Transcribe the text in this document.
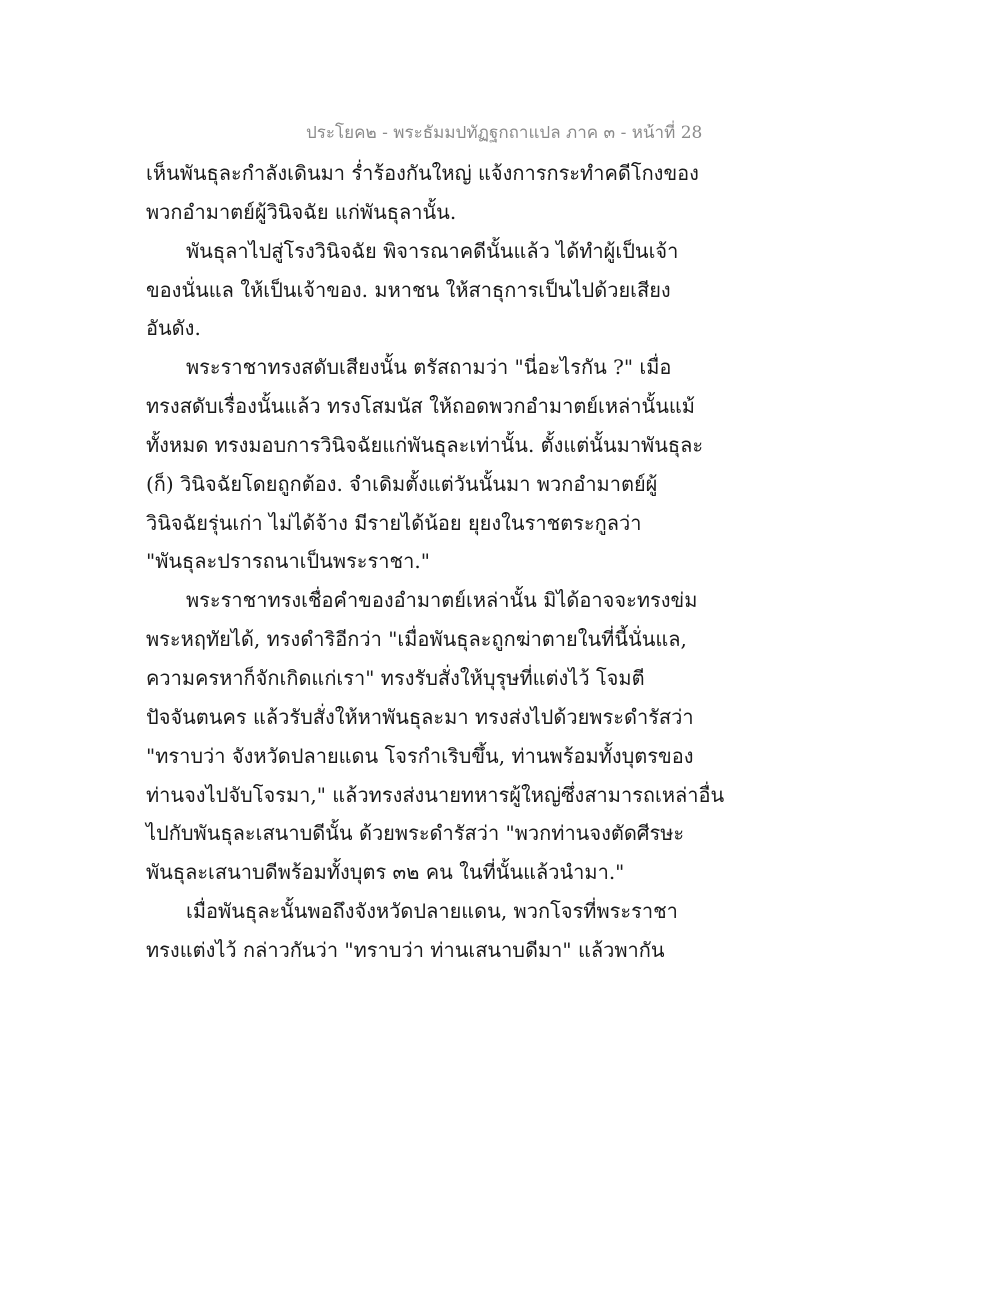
ประโยค๒ - พระธัมมปทัฏฐกถาแปล ภาค ๓ - หน้าที่ 28
เห็นพันธุละกำลังเดินมา ร่ำร้องกันใหญ่ แจ้งการกระทำคดีโกงของ
พวกอำมาตย์ผู้วินิจฉัย แก่พันธุลานั้น.
พันธุลาไปสู่โรงวินิจฉัย พิจารณาคดีนั้นแล้ว ได้ทำผู้เป็นเจ้า
ของนั่นแล ให้เป็นเจ้าของ. มหาชน ให้สาธุการเป็นไปด้วยเสียง
อันดัง.
พระราชาทรงสดับเสียงนั้น ตรัสถามว่า "นี่อะไรกัน ?" เมื่อ
ทรงสดับเรื่องนั้นแล้ว ทรงโสมนัส ให้ถอดพวกอำมาตย์เหล่านั้นแม้
ทั้งหมด ทรงมอบการวินิจฉัยแก่พันธุละเท่านั้น. ตั้งแต่นั้นมาพันธุละ
(ก็) วินิจฉัยโดยถูกต้อง. จำเดิมตั้งแต่วันนั้นมา พวกอำมาตย์ผู้
วินิจฉัยรุ่นเก่า ไม่ได้จ้าง มีรายได้น้อย ยุยงในราชตระกูลว่า
"พันธุละปรารถนาเป็นพระราชา."
พระราชาทรงเชื่อคำของอำมาตย์เหล่านั้น มิได้อาจจะทรงข่ม
พระหฤทัยได้, ทรงดำริอีกว่า "เมื่อพันธุละถูกฆ่าตายในที่นี้นั่นแล,
ความครหาก็จักเกิดแก่เรา" ทรงรับสั่งให้บุรุษที่แต่งไว้ โจมตี
ปัจจันตนคร แล้วรับสั่งให้หาพันธุละมา ทรงส่งไปด้วยพระดำรัสว่า
"ทราบว่า จังหวัดปลายแดน โจรกำเริบขึ้น, ท่านพร้อมทั้งบุตรของ
ท่านจงไปจับโจรมา," แล้วทรงส่งนายทหารผู้ใหญ่ซึ่งสามารถเหล่าอื่น
ไปกับพันธุละเสนาบดีนั้น ด้วยพระดำรัสว่า "พวกท่านจงตัดศีรษะ
พันธุละเสนาบดีพร้อมทั้งบุตร ๓๒ คน ในที่นั้นแล้วนำมา."
เมื่อพันธุละนั้นพอถึงจังหวัดปลายแดน, พวกโจรที่พระราชา
ทรงแต่งไว้ กล่าวกันว่า "ทราบว่า ท่านเสนาบดีมา" แล้วพากัน
